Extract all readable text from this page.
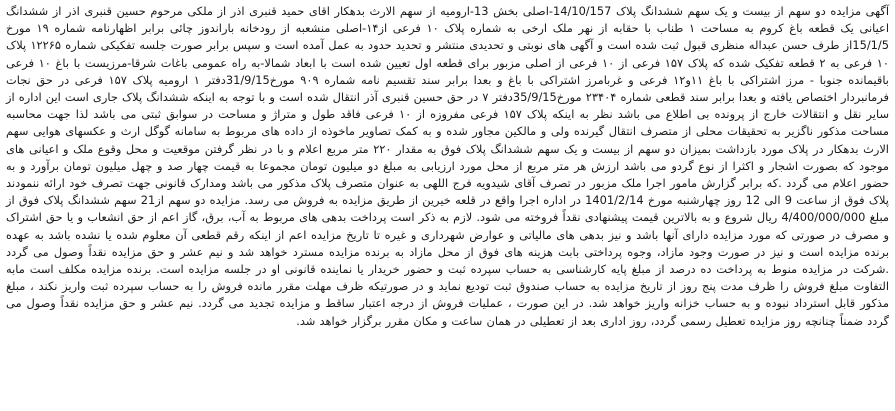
آگهی مزایده دو سهم از بیست و یک سهم ششدانگ پلاک 14/10/157-اصلی بخش 13-ارومیه از سهم الارث بدهکار اقای حمید قنبری اذر از ملکی مرحوم حسین قنبری اذر از ششدانگ اعیانی یک قطعه باغ کروم به مساحت ۱ طناب با حقابه از نهر ملک ارخی به شماره پلاک ۱۰ فرعی از۱۴-اصلی منشعبه از رودخانه باراندوز چائی برابر اظهارنامه شماره ۱۹ مورخ 15/1/5از طرف حسن عبداله منظری قبول ثبت شده است و آگهی های نوبتی و تحدیدی منتشر و تحدید حدود به عمل آمده است و سپس برابر صورت جلسه تفکیکی شماره ۱۲۲۶۵ پلاک ۱۰ فرعی به ۲ قطعه تفکیک شده که پلاک ۱۵۷ فرعی از ۱۰ فرعی از اصلی مزبور برای قطعه اول تعیین شده است با ابعاد شمالا-به راه عمومی باغات شرقا-مرزیست با باغ ۱۰ فرعی باقیمانده جنوبا - مرز اشتراکی با باغ ۱۱و۱۲ فرعی و غربامرز اشتراکی با باغ و بعدا برابر سند تقسیم نامه شماره ۹۰۹ مورخ31/9/15دفتر ۱ ارومیه پلاک ۱۵۷ فرعی در حق نجات فرمانبردار اختصاص یافته و بعدا برابر سند قطعی شماره ۲۳۴۰۴ مورخ35/9/15دفتر ۷ در حق حسین قنبری آذر انتقال شده است و با توجه به اینکه ششدانگ پلاک جاری است این اداره از سایر نقل و انتقالات خارج از پرونده بی اطلاع می باشد نظر به اینکه پلاک ۱۵۷ فرعی مفروزه از ۱۰ فرعی فاقد طول و متراژ و مساحت در سوابق ثبتی می باشد لذا جهت محاسبه مساحت مذکور ناگزیر به تحقیقات محلی از متصرف انتقال گیرنده ولی و مالکین مجاور شده و به کمک تصاویر ماخوذه از داده های مربوط به سامانه گوگل ارث و عکسهای هوایی سهم الارث بدهکار در پلاک مورد بازداشت بمیزان دو سهم از بیست و یک سهم ششدانگ پلاک فوق به مقدار ۲۲۰ متر مربع اعلام و با در نظر گرفتن موقعیت و محل وقوع ملک و اعیانی های موجود که بصورت اشجار و اکثرا از نوع گردو می باشد ارزش هر متر مربع از محل مورد ارزیابی به مبلغ دو میلیون تومان مجموعا به قیمت چهار صد و چهل میلیون تومان برآورد و به حضور اعلام می گردد .که برابر گزارش مامور اجرا ملک مزبور در تصرف آقای شیدویه فرج اللهی به عنوان متصرف پلاک مذکور می باشد ومدارک قانونی جهت تصرف خود ارائه ننمودند پلاک فوق از ساعت 9 الی 12 روز چهارشنبه مورخ 1401/2/14 در اداره اجرا واقع در قلعه خیرین از طریق مزایده به فروش می رسد. مزایده دو سهم از21 سهم ششدانگ پلاک فوق از مبلغ 4/400/000/000 ریال شروع و به بالاترین قیمت پیشنهادی نقداً فروخته می شود. لازم به ذکر است پرداخت بدهی های مربوط به آب، برق، گاز اعم از حق انشعاب و یا حق اشتراک و مصرف در صورتی که مورد مزایده دارای آنها باشد و نیز بدهی های مالیاتی و عوارض شهرداری و غیره تا تاریخ مزایده اعم از اینکه رقم قطعی آن معلوم شده یا نشده باشد به عهده برنده مزایده است و نیز در صورت وجود مازاد، وجوه پرداختی بابت هزینه های فوق از محل مازاد به برنده مزایده مسترد خواهد شد و نیم عشر و حق مزایده نقداً وصول می گردد .شرکت در مزایده منوط به پرداخت ده درصد از مبلغ پایه کارشناسی به حساب سپرده ثبت و حضور خریدار یا نماینده قانونی او در جلسه مزایده است. برنده مزایده مکلف است مابه التفاوت مبلغ فروش را ظرف مدت پنج روز از تاریخ مزایده به حساب صندوق ثبت تودیع نماید و در صورتیکه ظرف مهلت مقرر مانده فروش را به حساب سپرده ثبت واریز نکند ، مبلغ مذکور قابل استرداد نبوده و به حساب خزانه واریز خواهد شد. در این صورت ، عملیات فروش از درجه اعتبار ساقط و مزایده تجدید می گردد. نیم عشر و حق مزایده نقداً وصول می گردد ضمناً چنانچه روز مزایده تعطیل رسمی گردد، روز اداری بعد از تعطیلی در همان ساعت و مکان مقرر برگزار خواهد شد.
